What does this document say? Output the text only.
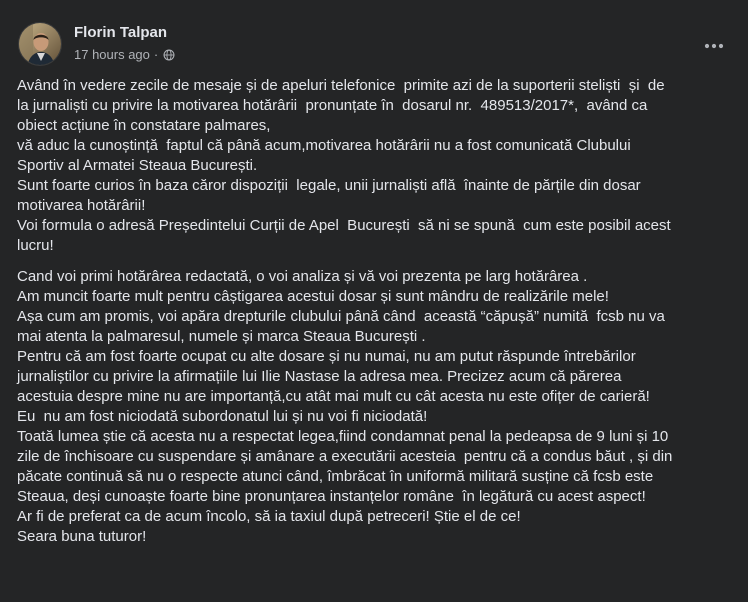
Florin Talpan
17 hours ago ·

Având în vedere zecile de mesaje și de apeluri telefonice  primite azi de la suporterii steliști  și  de
la jurnaliști cu privire la motivarea hotărârii  pronunțate în  dosarul nr.  489513/2017*,  având ca
obiect acțiune în constatare palmares,
vă aduc la cunoștință  faptul că până acum,motivarea hotărârii nu a fost comunicată Clubului
Sportiv al Armatei Steaua București.
Sunt foarte curios în baza căror dispoziții  legale, unii jurnaliști află  înainte de părțile din dosar
motivarea hotărârii!
Voi formula o adresă Președintelui Curții de Apel  București  să ni se spună  cum este posibil acest
lucru!

Cand voi primi hotărârea redactată, o voi analiza și vă voi prezenta pe larg hotărârea .
Am muncit foarte mult pentru câștigarea acestui dosar și sunt mândru de realizările mele!
Așa cum am promis, voi apăra drepturile clubului până când  această “căpușă” numită  fcsb nu va
mai atenta la palmaresul, numele și marca Steaua București .
Pentru că am fost foarte ocupat cu alte dosare și nu numai, nu am putut răspunde întrebărilor
jurnaliștilor cu privire la afirmațiile lui Ilie Nastase la adresa mea. Precizez acum că părerea
acestuia despre mine nu are importanță,cu atât mai mult cu cât acesta nu este ofițer de carieră!
Eu  nu am fost niciodată subordonatul lui și nu voi fi niciodată!
Toată lumea știe că acesta nu a respectat legea,fiind condamnat penal la pedeapsa de 9 luni și 10
zile de închisoare cu suspendare și amânare a executării acesteia  pentru că a condus băut , și din
păcate continuă să nu o respecte atunci când, îmbrăcat în uniformă militară susține că fcsb este
Steaua, deși cunoaște foarte bine pronunțarea instanțelor române  în legătură cu acest aspect!
Ar fi de preferat ca de acum încolo, să ia taxiul după petreceri! Știe el de ce!
Seara buna tuturor!
